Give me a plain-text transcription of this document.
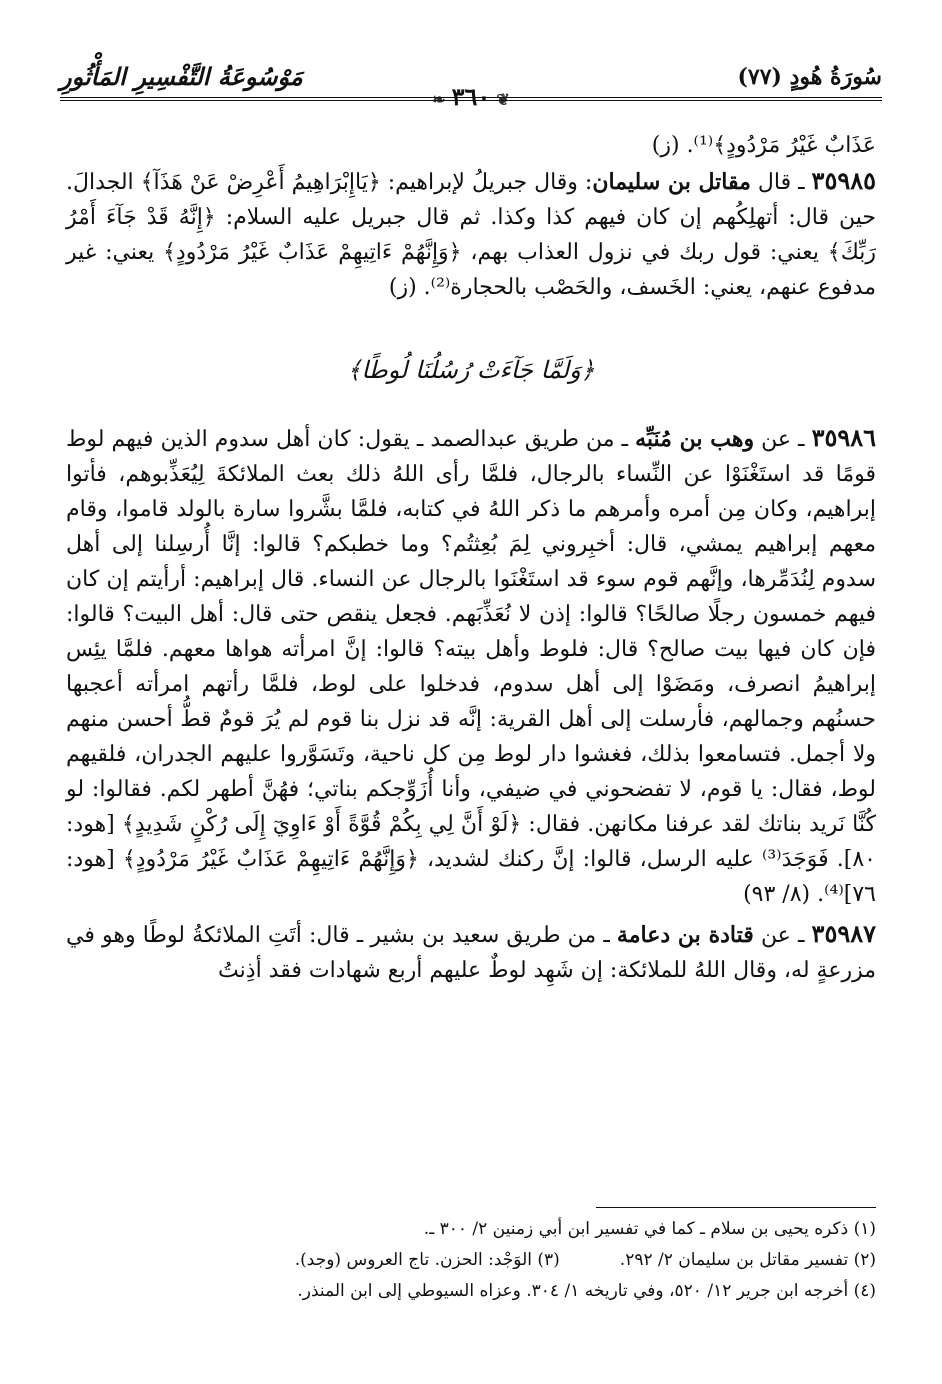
سُورَةُ هُودٍ (٧٧)
مَوْسُوعَةُ التَّفْسِيرِ المَأْثُورِ
❦٣٦٠❧

عَذَابٌ غَيْرُ مَرْدُودٍ﴾⁽¹⁾. (ز)

٣٥٩٨٥ ـ قال مقاتل بن سليمان: وقال جبريلُ لإبراهيم: ﴿يَاإِبْرَاهِيمُ أَعْرِضْ عَنْ هَذَآ﴾ الجدالَ. حين قال: أتهلِكُهم إن كان فيهم كذا وكذا. ثم قال جبريل عليه السلام: ﴿إِنَّهُ قَدْ جَآءَ أَمْرُ رَبِّكَ﴾ يعني: قول ربك في نزول العذاب بهم، ﴿وَإِنَّهُمْ ءَاتِيهِمْ عَذَابٌ غَيْرُ مَرْدُودٍ﴾ يعني: غير مدفوع عنهم، يعني: الخَسف، والحَصْب بالحجارة⁽²⁾. (ز)

﴿وَلَمَّا جَآءَتْ رُسُلُنَا لُوطًا﴾

٣٥٩٨٦ ـ عن وهب بن مُنَبِّه ـ من طريق عبدالصمد ـ يقول: كان أهل سدوم الذين فيهم لوط قومًا قد استَغْنَوْا عن النِّساء بالرجال، فلمَّا رأى اللهُ ذلك بعث الملائكةَ لِيُعَذِّبوهم، فأتوا إبراهيم، وكان مِن أمره وأمرهم ما ذكر اللهُ في كتابه، فلمَّا بشَّروا سارة بالولد قاموا، وقام معهم إبراهيم يمشي، قال: أخبِروني لِمَ بُعِثتُم؟ وما خطبكم؟ قالوا: إنَّا أُرسِلنا إلى أهل سدوم لِنُدَمِّرها، وإنَّهم قوم سوء قد استَغْنَوا بالرجال عن النساء. قال إبراهيم: أرأيتم إن كان فيهم خمسون رجلًا صالحًا؟ قالوا: إذن لا نُعَذِّبَهم. فجعل ينقص حتى قال: أهل البيت؟ قالوا: فإن كان فيها بيت صالح؟ قال: فلوط وأهل بيته؟ قالوا: إنَّ امرأته هواها معهم. فلمَّا يئِس إبراهيمُ انصرف، ومَضَوْا إلى أهل سدوم، فدخلوا على لوط، فلمَّا رأتهم امرأته أعجبها حسنُهم وجمالهم، فأرسلت إلى أهل القرية: إنَّه قد نزل بنا قوم لم يُرَ قومٌ قطُّ أحسن منهم ولا أجمل. فتسامعوا بذلك، فغشوا دار لوط مِن كل ناحية، وتَسَوَّروا عليهم الجدران، فلقيهم لوط، فقال: يا قوم، لا تفضحوني في ضيفي، وأنا أُزَوِّجكم بناتي؛ فهُنَّ أطهر لكم. فقالوا: لو كُنَّا نَريد بناتك لقد عرفنا مكانهن. فقال: ﴿لَوْ أَنَّ لِي بِكُمْ قُوَّةً أَوْ ءَاوِيٓ إِلَى رُكْنٍ شَدِيدٍ﴾ [هود: ٨٠]. فَوَجَدَ⁽³⁾ عليه الرسل، قالوا: إنَّ ركنك لشديد، ﴿وَإِنَّهُمْ ءَاتِيهِمْ عَذَابٌ غَيْرُ مَرْدُودٍ﴾ [هود: ٧٦]⁽⁴⁾. (٨/ ٩٣)

٣٥٩٨٧ ـ عن قتادة بن دعامة ـ من طريق سعيد بن بشير ـ قال: أتَتِ الملائكةُ لوطًا وهو في مزرعةٍ له، وقال اللهُ للملائكة: إن شَهِد لوطٌ عليهم أربع شهادات فقد أذِنتُ

(١) ذكره يحيى بن سلام ـ كما في تفسير ابن أبي زمنين ٢/ ٣٠٠ ـ.
(٢) تفسير مقاتل بن سليمان ٢/ ٢٩٢.
(٣) الوَجْد: الحزن. تاج العروس (وجد).
(٤) أخرجه ابن جرير ١٢/ ٥٢٠، وفي تاريخه ١/ ٣٠٤. وعزاه السيوطي إلى ابن المنذر.
